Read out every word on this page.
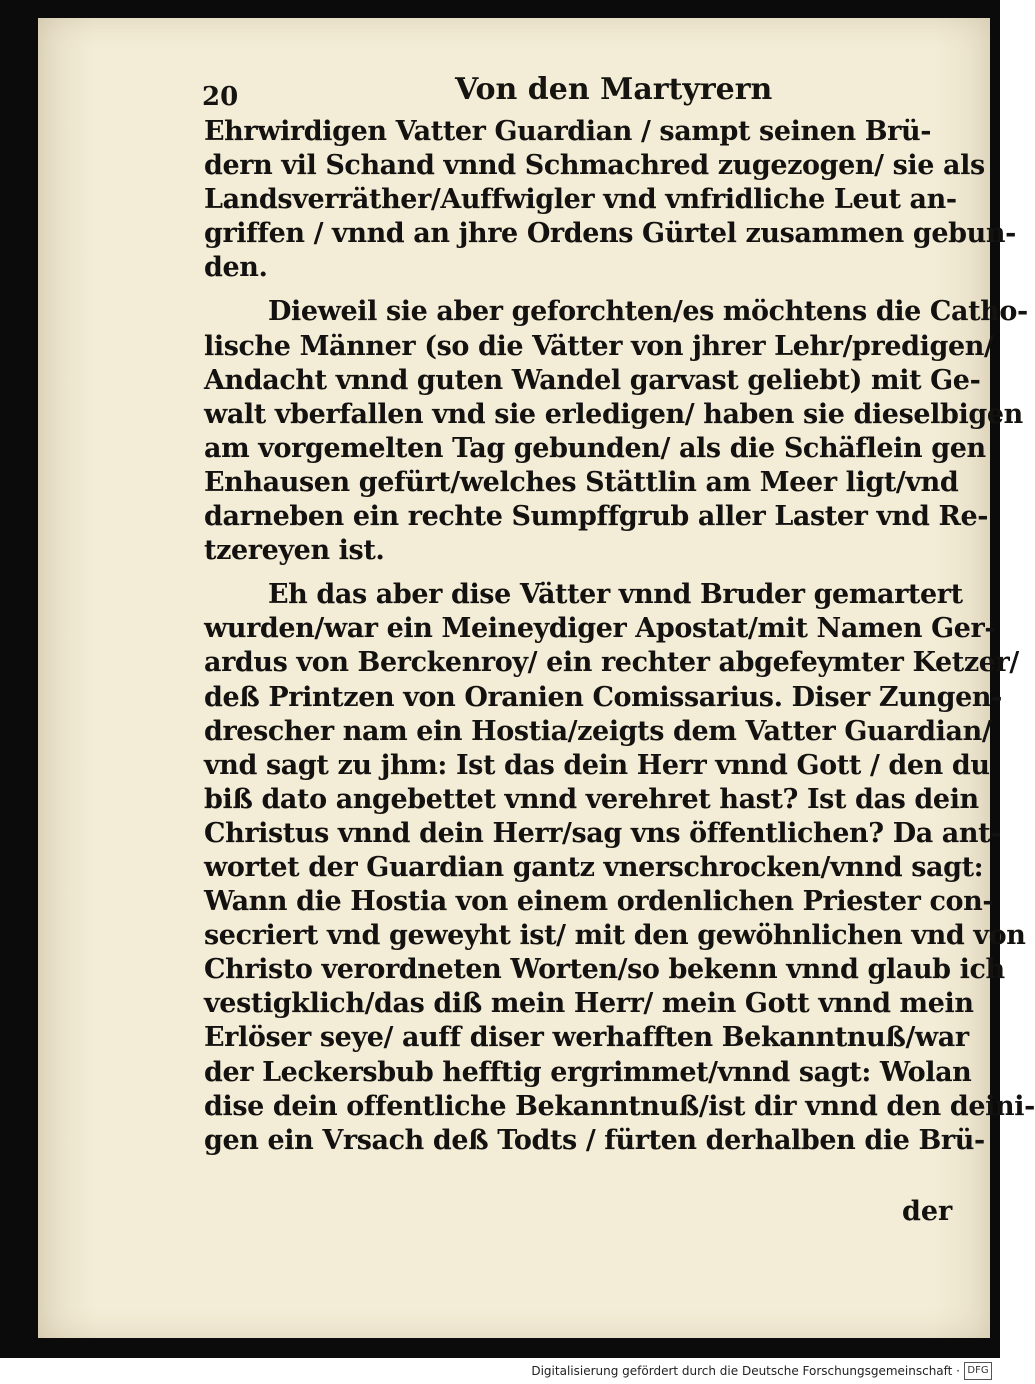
20	Von den Martyrern
Ehrwirdigen Vatter Guardian / sampt seinen Brü-
dern vil Schand vnnd Schmachred zugezogen/ sie als
Landsverräther/Auffwigler vnd vnfridliche Leut an-
griffen / vnnd an jhre Ordens Gürtel zusammen gebun-
den.
Dieweil sie aber geforchten/es möchtens die Catho-
lische Männer (so die Vätter von jhrer Lehr/predigen/
Andacht vnnd guten Wandel garvast geliebt) mit Ge-
walt vberfallen vnd sie erledigen/ haben sie dieselbigen
am vorgemelten Tag gebunden/ als die Schäflein gen
Enhausen gefürt/welches Stättlin am Meer ligt/vnd
darneben ein rechte Sumpffgrub aller Laster vnd Re-
tzereyen ist.
Eh das aber dise Vätter vnnd Bruder gemartert
wurden/war ein Meineydiger Apostat/mit Namen Ger-
ardus von Berckenroy/ ein rechter abgefeymter Ketzer/
deß Printzen von Oranien Comissarius. Diser Zungen-
drescher nam ein Hostia/zeigts dem Vatter Guardian/
vnd sagt zu jhm: Ist das dein Herr vnnd Gott / den du
biß dato angebettet vnnd verehret hast? Ist das dein
Christus vnnd dein Herr/sag vns öffentlichen? Da ant-
wortet der Guardian gantz vnerschrocken/vnnd sagt:
Wann die Hostia von einem ordenlichen Priester con-
secriert vnd geweyht ist/ mit den gewöhnlichen vnd von
Christo verordneten Worten/so bekenn vnnd glaub ich
vestigklich/das diß mein Herr/ mein Gott vnnd mein
Erlöser seye/ auff diser werhafften Bekanntnuß/war
der Leckersbub hefftig ergrimmet/vnnd sagt: Wolan
dise dein offentliche Bekanntnuß/ist dir vnnd den deini-
gen ein Vrsach deß Todts / fürten derhalben die Brü-
der
Digitalisierung gefördert durch die Deutsche Forschungsgemeinschaft · DFG
